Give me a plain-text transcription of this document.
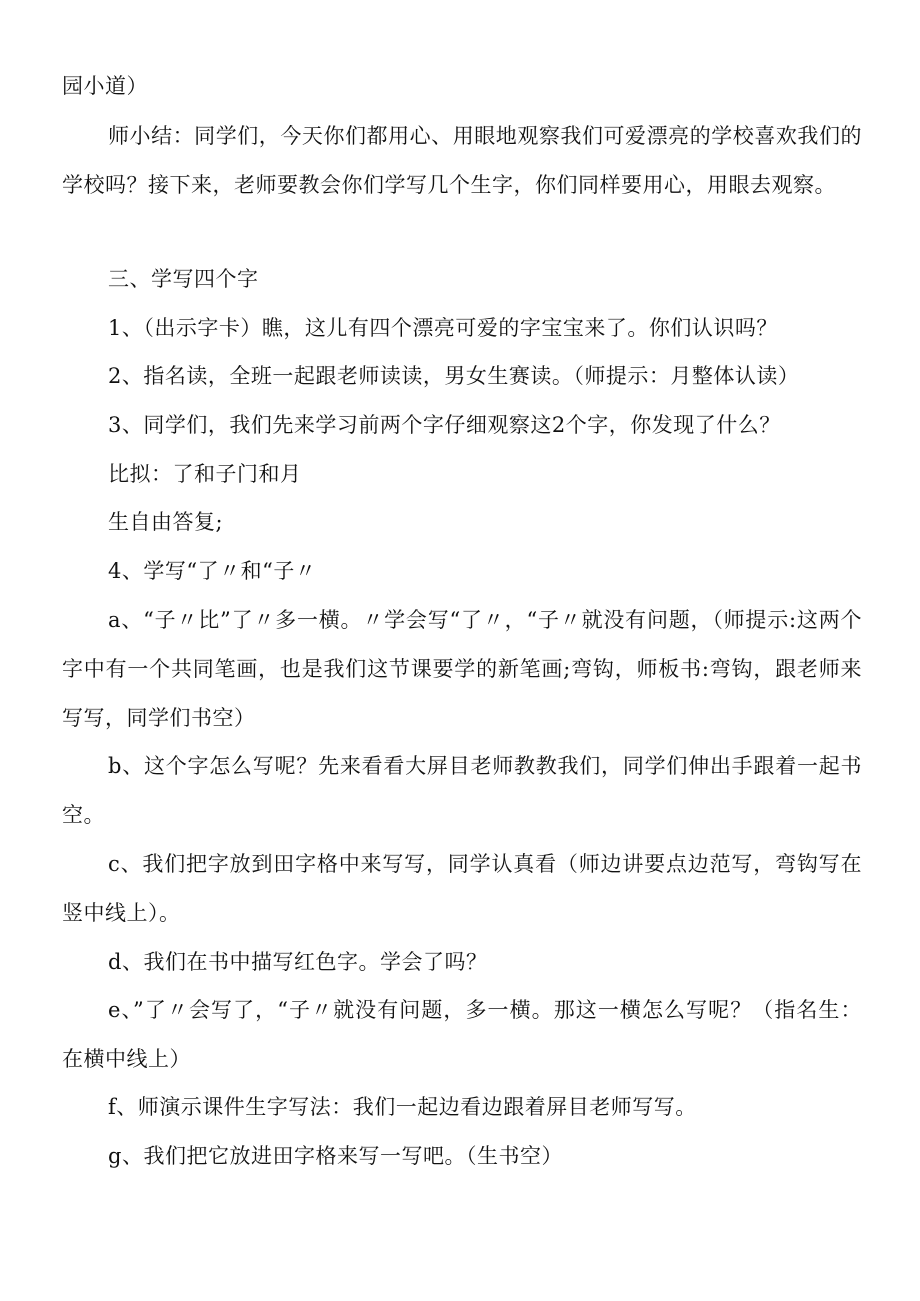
园小道）

师小结：同学们，今天你们都用心、用眼地观察我们可爱漂亮的学校喜欢我们的学校吗？接下来，老师要教会你们学写几个生字，你们同样要用心，用眼去观察。

三、学写四个字

1、（出示字卡）瞧，这儿有四个漂亮可爱的字宝宝来了。你们认识吗？

2、指名读，全班一起跟老师读读，男女生赛读。（师提示：月整体认读）

3、同学们，我们先来学习前两个字仔细观察这2个字，你发现了什么？

比拟：了和子门和月

生自由答复;

4、学写“了〃和“子〃

a、“子〃比”了〃多一横。〃学会写“了〃，“子〃就没有问题，（师提示:这两个字中有一个共同笔画，也是我们这节课要学的新笔画;弯钩，师板书:弯钩，跟老师来写写，同学们书空）

b、这个字怎么写呢？先来看看大屏目老师教教我们，同学们伸出手跟着一起书空。

c、我们把字放到田字格中来写写，同学认真看（师边讲要点边范写，弯钩写在竖中线上）。

d、我们在书中描写红色字。学会了吗？

e、”了〃会写了，“子〃就没有问题，多一横。那这一横怎么写呢？（指名生：在横中线上）

f、师演示课件生字写法：我们一起边看边跟着屏目老师写写。

g、我们把它放进田字格来写一写吧。（生书空）
